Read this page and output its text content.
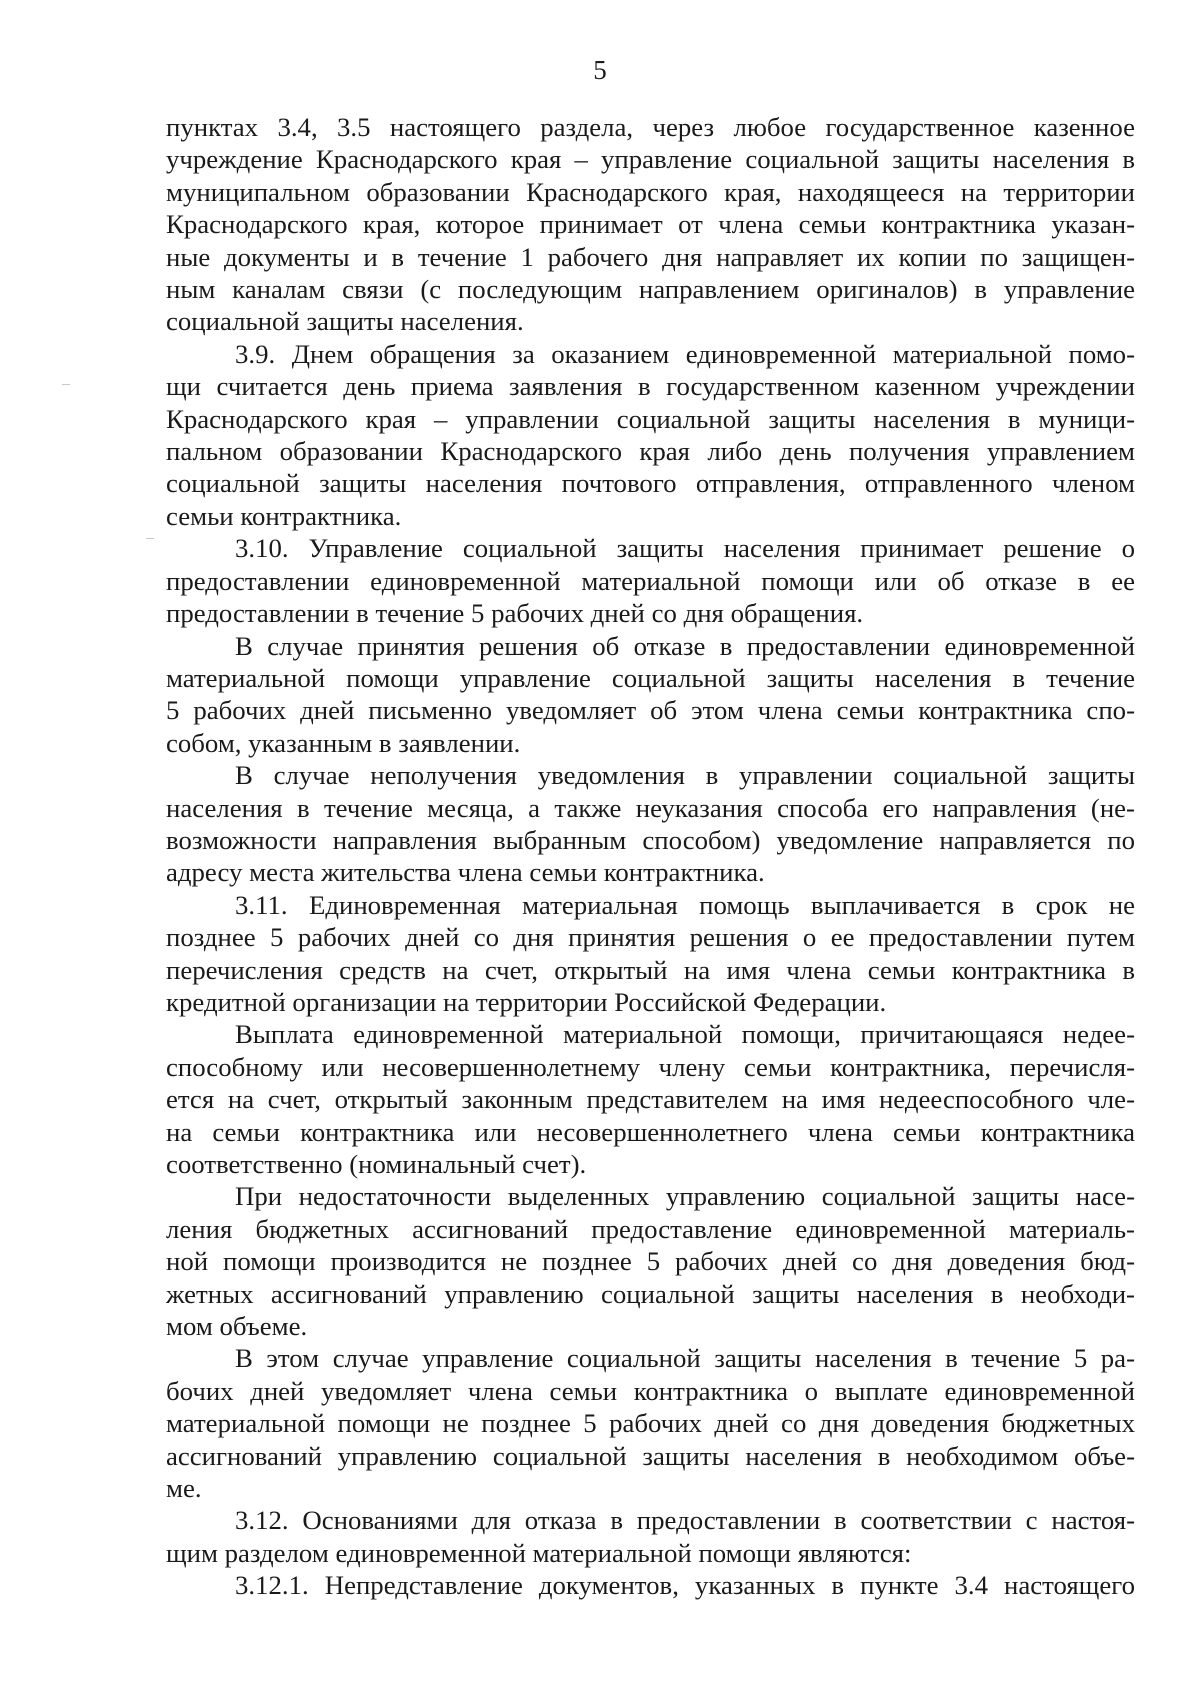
5
пунктах 3.4, 3.5 настоящего раздела, через любое государственное казенное
учреждение Краснодарского края – управление социальной защиты населения в
муниципальном образовании Краснодарского края, находящееся на территории
Краснодарского края, которое принимает от члена семьи контрактника указан-
ные документы и в течение 1 рабочего дня направляет их копии по защищен-
ным каналам связи (с последующим направлением оригиналов) в управление
социальной защиты населения.
3.9. Днем обращения за оказанием единовременной материальной помо-
щи считается день приема заявления в государственном казенном учреждении
Краснодарского края – управлении социальной защиты населения в муници-
пальном образовании Краснодарского края либо день получения управлением
социальной защиты населения почтового отправления, отправленного членом
семьи контрактника.
3.10. Управление социальной защиты населения принимает решение о
предоставлении единовременной материальной помощи или об отказе в ее
предоставлении в течение 5 рабочих дней со дня обращения.
В случае принятия решения об отказе в предоставлении единовременной
материальной помощи управление социальной защиты населения в течение
5 рабочих дней письменно уведомляет об этом члена семьи контрактника спо-
собом, указанным в заявлении.
В случае неполучения уведомления в управлении социальной защиты
населения в течение месяца, а также неуказания способа его направления (не-
возможности направления выбранным способом) уведомление направляется по
адресу места жительства члена семьи контрактника.
3.11. Единовременная материальная помощь выплачивается в срок не
позднее 5 рабочих дней со дня принятия решения о ее предоставлении путем
перечисления средств на счет, открытый на имя члена семьи контрактника в
кредитной организации на территории Российской Федерации.
Выплата единовременной материальной помощи, причитающаяся недее-
способному или несовершеннолетнему члену семьи контрактника, перечисля-
ется на счет, открытый законным представителем на имя недееспособного чле-
на семьи контрактника или несовершеннолетнего члена семьи контрактника
соответственно (номинальный счет).
При недостаточности выделенных управлению социальной защиты насе-
ления бюджетных ассигнований предоставление единовременной материаль-
ной помощи производится не позднее 5 рабочих дней со дня доведения бюд-
жетных ассигнований управлению социальной защиты населения в необходи-
мом объеме.
В этом случае управление социальной защиты населения в течение 5 ра-
бочих дней уведомляет члена семьи контрактника о выплате единовременной
материальной помощи не позднее 5 рабочих дней со дня доведения бюджетных
ассигнований управлению социальной защиты населения в необходимом объе-
ме.
3.12. Основаниями для отказа в предоставлении в соответствии с настоя-
щим разделом единовременной материальной помощи являются:
3.12.1. Непредставление документов, указанных в пункте 3.4 настоящего
